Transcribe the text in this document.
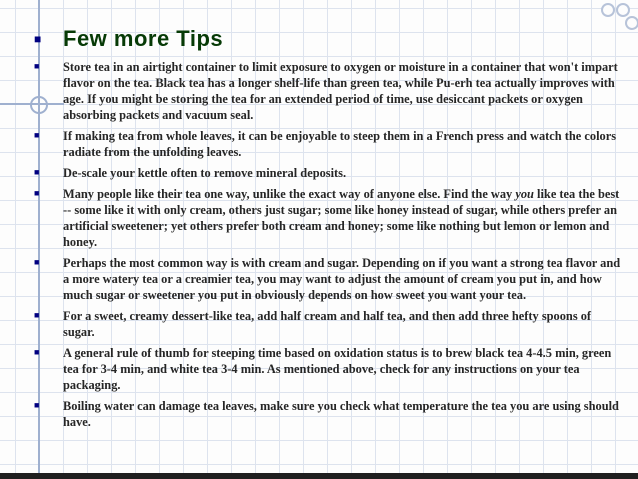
■ Few more Tips
■	Store tea in an airtight container to limit exposure to oxygen or moisture in a container that won't impart flavor on the tea. Black tea has a longer shelf-life than green tea, while Pu-erh tea actually improves with age. If you might be storing the tea for an extended period of time, use desiccant packets or oxygen absorbing packets and vacuum seal.
■	If making tea from whole leaves, it can be enjoyable to steep them in a French press and watch the colors radiate from the unfolding leaves.
■	De-scale your kettle often to remove mineral deposits.
■	Many people like their tea one way, unlike the exact way of anyone else. Find the way you like tea the best -- some like it with only cream, others just sugar; some like honey instead of sugar, while others prefer an artificial sweetener; yet others prefer both cream and honey; some like nothing but lemon or lemon and honey.
■	Perhaps the most common way is with cream and sugar. Depending on if you want a strong tea flavor and a more watery tea or a creamier tea, you may want to adjust the amount of cream you put in, and how much sugar or sweetener you put in obviously depends on how sweet you want your tea.
■	For a sweet, creamy dessert-like tea, add half cream and half tea, and then add three hefty spoons of sugar.
■	A general rule of thumb for steeping time based on oxidation status is to brew black tea 4-4.5 min, green tea for 3-4 min, and white tea 3-4 min. As mentioned above, check for any instructions on your tea packaging.
■	Boiling water can damage tea leaves, make sure you check what temperature the tea you are using should have.
